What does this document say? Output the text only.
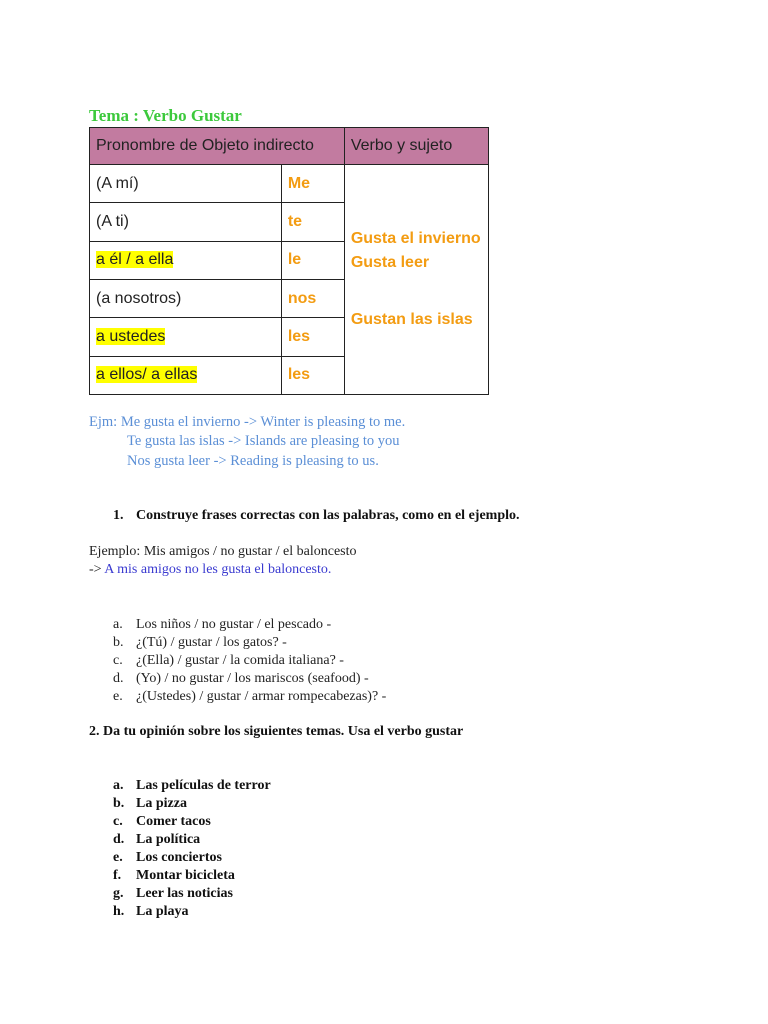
Tema : Verbo Gustar
Pronombre de Objeto indirecto		Verbo y sujeto
(A mí)	Me	Gusta el invierno
Gusta leer
Gustan las islas

(A ti)	te	
a él / a ella	le	
(a nosotros)	nos	
a ustedes	les	
a ellos/ a ellas	les	
Ejm: Me gusta el invierno -> Winter is pleasing to me.
Te gusta las islas -> Islands are pleasing to you
Nos gusta leer -> Reading is pleasing to us.
1. Construye frases correctas con las palabras, como en el ejemplo.
Ejemplo: Mis amigos / no gustar / el baloncesto
-> A mis amigos no les gusta el baloncesto.
a. Los niños / no gustar / el pescado -
b. ¿(Tú) / gustar / los gatos? -
c. ¿(Ella) / gustar / la comida italiana? -
d. (Yo) / no gustar / los mariscos (seafood) -
e. ¿(Ustedes) / gustar / armar rompecabezas)? -
2. Da tu opinión sobre los siguientes temas. Usa el verbo gustar
a. Las películas de terror
b. La pizza
c. Comer tacos
d. La política
e. Los conciertos
f. Montar bicicleta
g. Leer las noticias
h. La playa
